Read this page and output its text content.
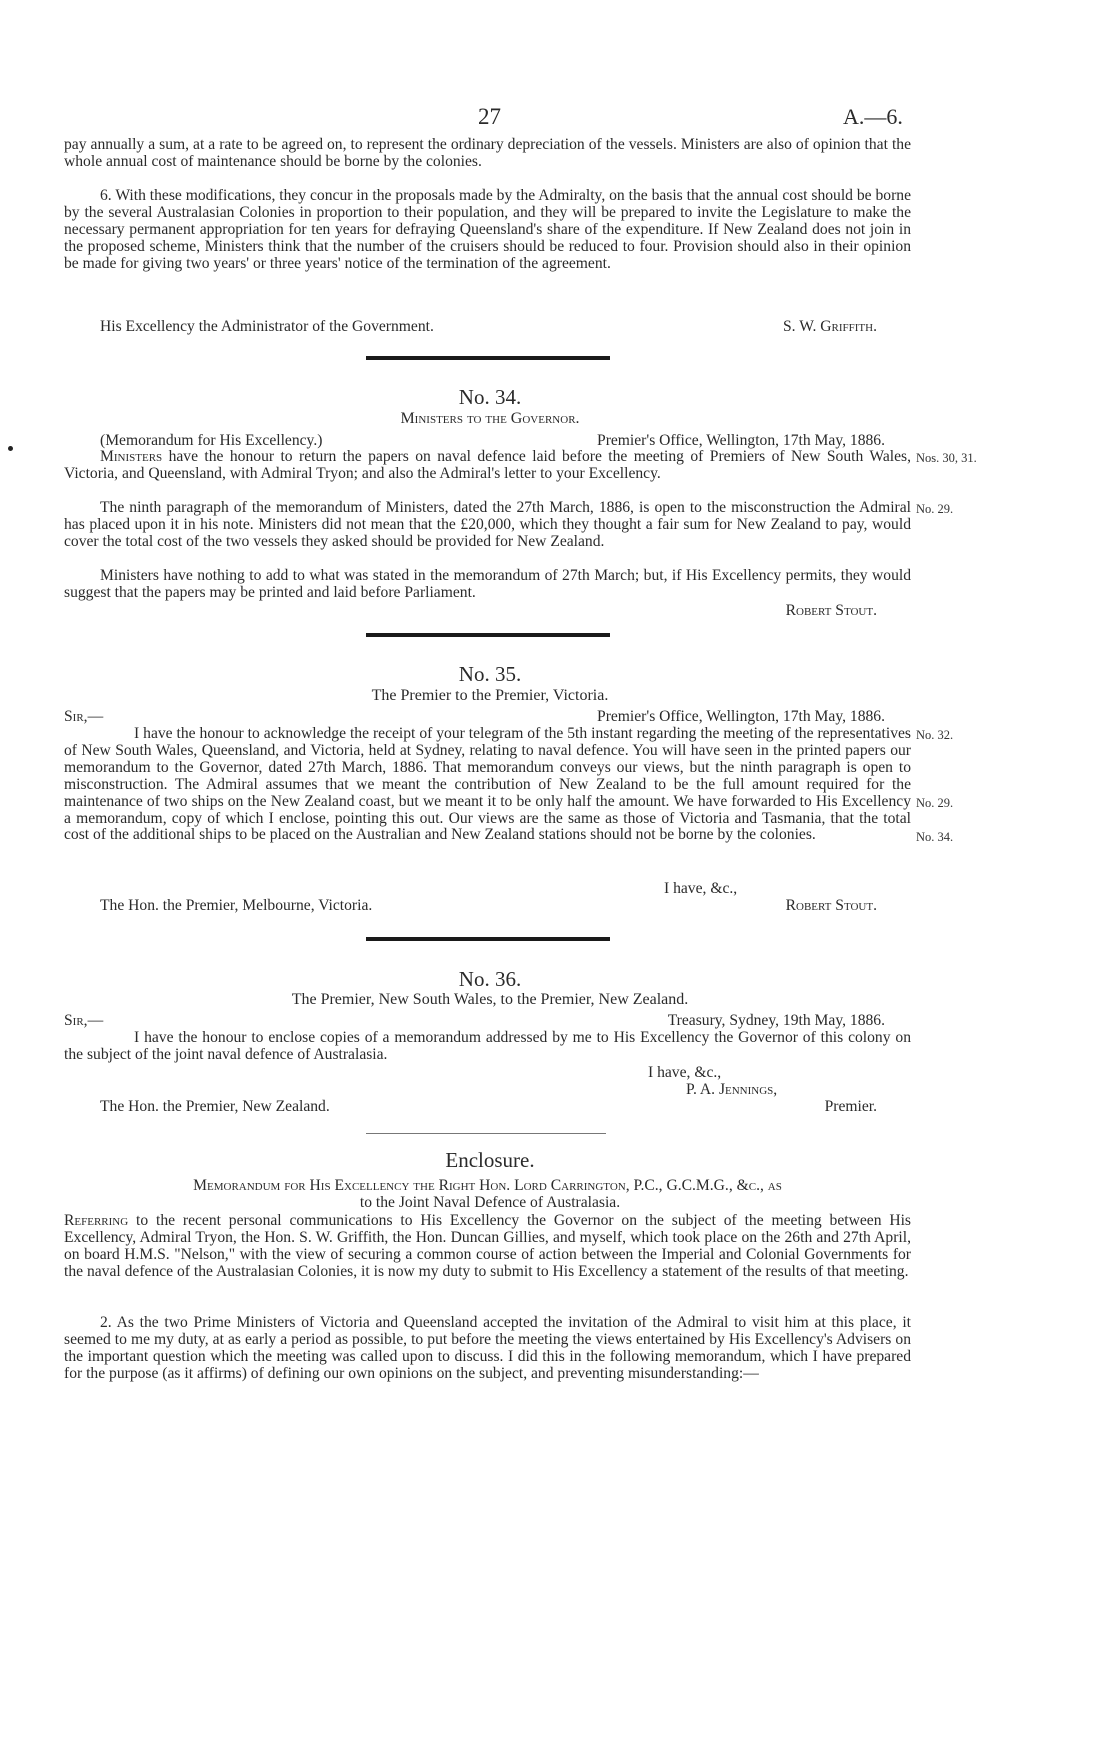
27	A.—6.

pay annually a sum, at a rate to be agreed on, to represent the ordinary depreciation of the vessels. Ministers are also of opinion that the whole annual cost of maintenance should be borne by the colonies.

6. With these modifications, they concur in the proposals made by the Admiralty, on the basis that the annual cost should be borne by the several Australasian Colonies in proportion to their population, and they will be prepared to invite the Legislature to make the necessary permanent appropriation for ten years for defraying Queensland's share of the expenditure. If New Zealand does not join in the proposed scheme, Ministers think that the number of the cruisers should be reduced to four. Provision should also in their opinion be made for giving two years' or three years' notice of the termination of the agreement.

His Excellency the Administrator of the Government.	S. W. Griffith.
No. 34.
Ministers to the Governor.
(Memorandum for His Excellency.)	Premier's Office, Wellington, 17th May, 1886.

Ministers have the honour to return the papers on naval defence laid before the meeting of Premiers of New South Wales, Victoria, and Queensland, with Admiral Tryon; and also the Admiral's letter to your Excellency.

The ninth paragraph of the memorandum of Ministers, dated the 27th March, 1886, is open to the misconstruction the Admiral has placed upon it in his note. Ministers did not mean that the £20,000, which they thought a fair sum for New Zealand to pay, would cover the total cost of the two vessels they asked should be provided for New Zealand.

Ministers have nothing to add to what was stated in the memorandum of 27th March; but, if His Excellency permits, they would suggest that the papers may be printed and laid before Parliament.

Robert Stout.
Nos. 30, 31.
No. 29.
No. 35.
The Premier to the Premier, Victoria.
Sir,—	Premier's Office, Wellington, 17th May, 1886.

I have the honour to acknowledge the receipt of your telegram of the 5th instant regarding the meeting of the representatives of New South Wales, Queensland, and Victoria, held at Sydney, relating to naval defence. You will have seen in the printed papers our memorandum to the Governor, dated 27th March, 1886. That memorandum conveys our views, but the ninth paragraph is open to misconstruction. The Admiral assumes that we meant the contribution of New Zealand to be the full amount required for the maintenance of two ships on the New Zealand coast, but we meant it to be only half the amount. We have forwarded to His Excellency a memorandum, copy of which I enclose, pointing this out. Our views are the same as those of Victoria and Tasmania, that the total cost of the additional ships to be placed on the Australian and New Zealand stations should not be borne by the colonies.

I have, &c.,
The Hon. the Premier, Melbourne, Victoria.	Robert Stout.
No. 32.
No. 29.
No. 34.
No. 36.
The Premier, New South Wales, to the Premier, New Zealand.
Sir,—	Treasury, Sydney, 19th May, 1886.

I have the honour to enclose copies of a memorandum addressed by me to His Excellency the Governor of this colony on the subject of the joint naval defence of Australasia.

I have, &c.,
P. A. Jennings,
The Hon. the Premier, New Zealand.	Premier.
Enclosure.
Memorandum for His Excellency the Right Hon. Lord Carrington, P.C., G.C.M.G., &c., as
to the Joint Naval Defence of Australasia.

Referring to the recent personal communications to His Excellency the Governor on the subject of the meeting between His Excellency, Admiral Tryon, the Hon. S. W. Griffith, the Hon. Duncan Gillies, and myself, which took place on the 26th and 27th April, on board H.M.S. "Nelson," with the view of securing a common course of action between the Imperial and Colonial Governments for the naval defence of the Australasian Colonies, it is now my duty to submit to His Excellency a statement of the results of that meeting.

2. As the two Prime Ministers of Victoria and Queensland accepted the invitation of the Admiral to visit him at this place, it seemed to me my duty, at as early a period as possible, to put before the meeting the views entertained by His Excellency's Advisers on the important question which the meeting was called upon to discuss. I did this in the following memorandum, which I have prepared for the purpose (as it affirms) of defining our own opinions on the subject, and preventing misunderstanding:—
